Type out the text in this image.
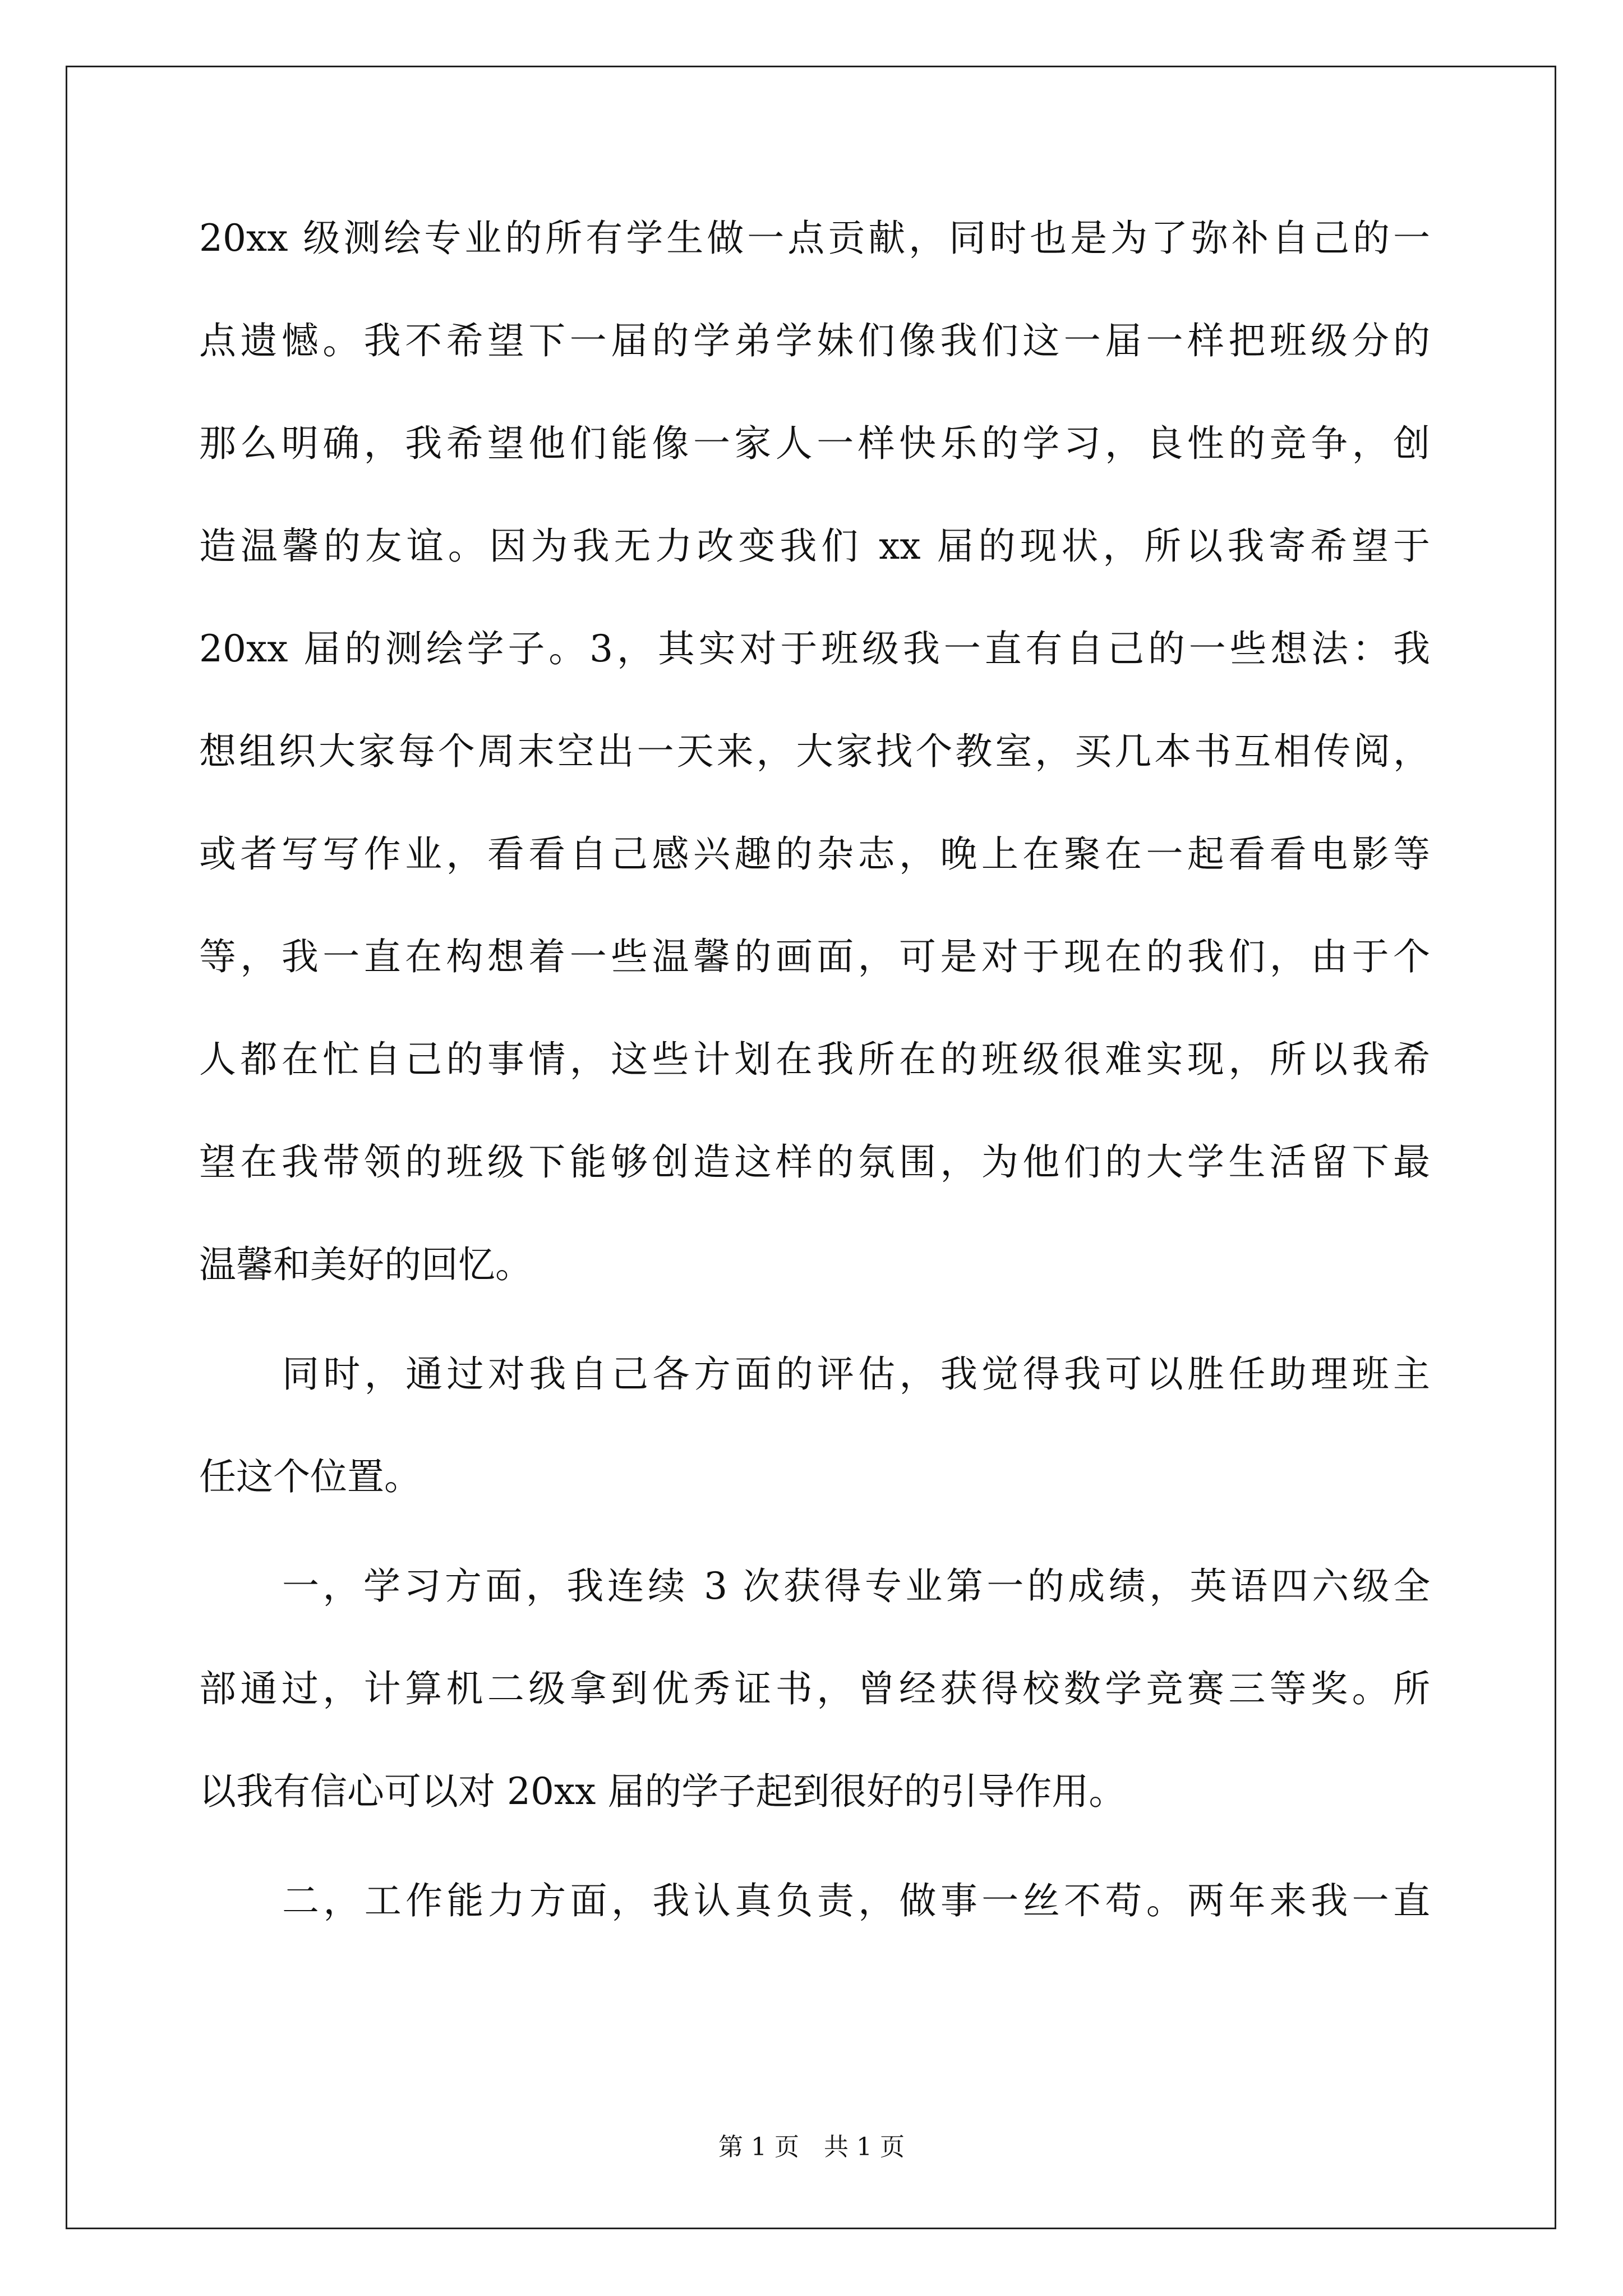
20xx 级测绘专业的所有学生做一点贡献，同时也是为了弥补自己的一
点遗憾。我不希望下一届的学弟学妹们像我们这一届一样把班级分的
那么明确，我希望他们能像一家人一样快乐的学习，良性的竞争，创
造温馨的友谊。因为我无力改变我们 xx 届的现状，所以我寄希望于
20xx 届的测绘学子。3，其实对于班级我一直有自己的一些想法：我
想组织大家每个周末空出一天来，大家找个教室，买几本书互相传阅，
或者写写作业，看看自己感兴趣的杂志，晚上在聚在一起看看电影等
等，我一直在构想着一些温馨的画面，可是对于现在的我们，由于个
人都在忙自己的事情，这些计划在我所在的班级很难实现，所以我希
望在我带领的班级下能够创造这样的氛围，为他们的大学生活留下最
温馨和美好的回忆。
同时，通过对我自己各方面的评估，我觉得我可以胜任助理班主
任这个位置。
一，学习方面，我连续 3 次获得专业第一的成绩，英语四六级全
部通过，计算机二级拿到优秀证书，曾经获得校数学竞赛三等奖。所
以我有信心可以对 20xx 届的学子起到很好的引导作用。
二，工作能力方面，我认真负责，做事一丝不苟。两年来我一直
第 1 页　共 1 页
